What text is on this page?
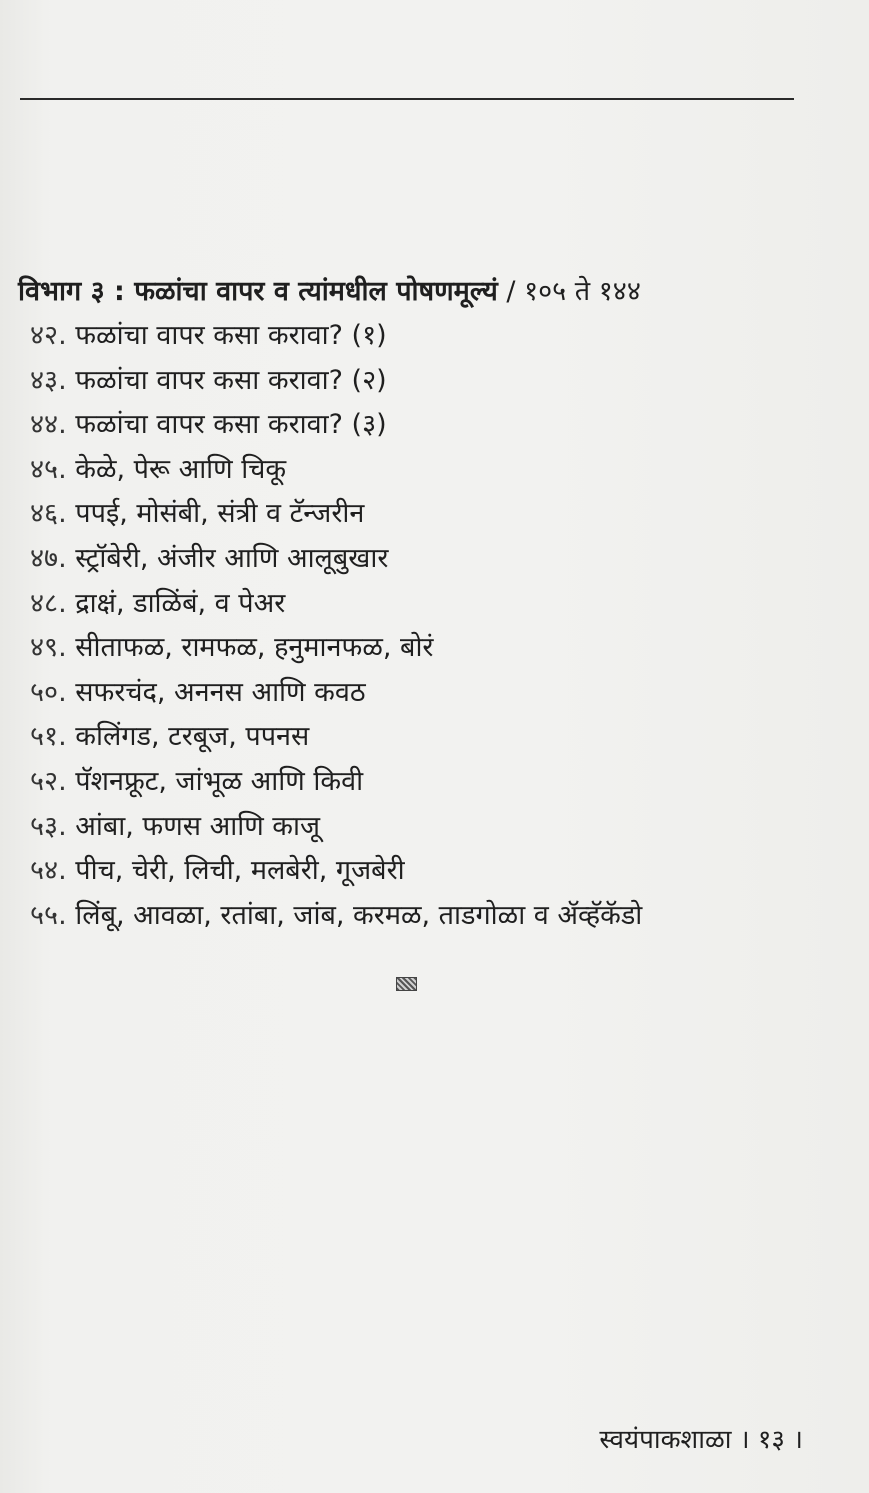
विभाग ३ : फळांचा वापर व त्यांमधील पोषणमूल्यं / १०५ ते १४४
४२. फळांचा वापर कसा करावा? (१)
४३. फळांचा वापर कसा करावा? (२)
४४. फळांचा वापर कसा करावा? (३)
४५. केळे, पेरू आणि चिकू
४६. पपई, मोसंबी, संत्री व टॅन्जरीन
४७. स्ट्रॉबेरी, अंजीर आणि आलूबुखार
४८. द्राक्षं, डाळिंबं, व पेअर
४९. सीताफळ, रामफळ, हनुमानफळ, बोरं
५०. सफरचंद, अननस आणि कवठ
५१. कलिंगड, टरबूज, पपनस
५२. पॅशनफ्रूट, जांभूळ आणि किवी
५३. आंबा, फणस आणि काजू
५४. पीच, चेरी, लिची, मलबेरी, गूजबेरी
५५. लिंबू, आवळा, रतांबा, जांब, करमळ, ताडगोळा व ॲव्हॅकॅडो
स्वयंपाकशाळा । १३ ।
